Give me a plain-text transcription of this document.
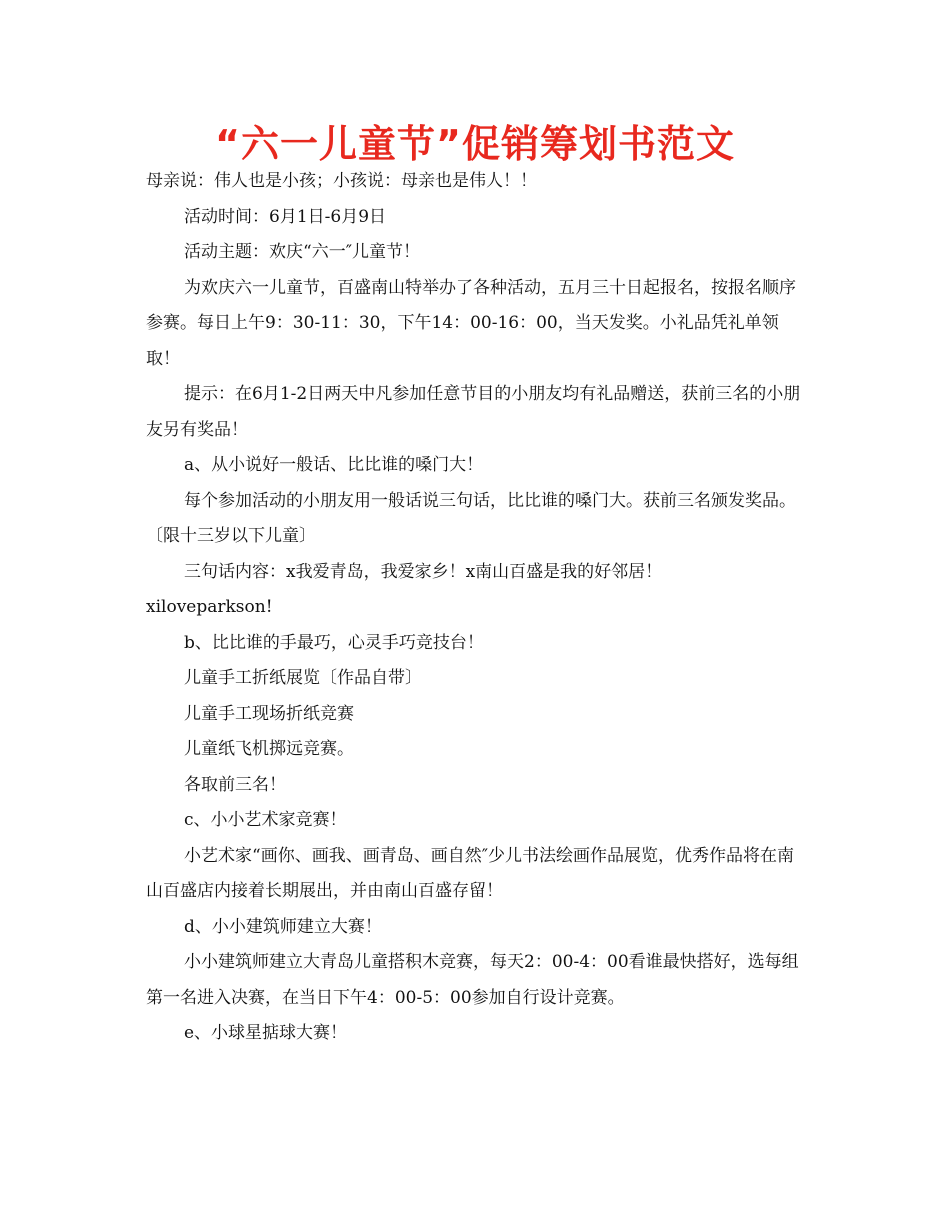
“六一儿童节”促销筹划书范文

母亲说：伟人也是小孩；小孩说：母亲也是伟人！！

活动时间：6月1日-6月9日

活动主题：欢庆“六一″儿童节！

为欢庆六一儿童节，百盛南山特举办了各种活动，五月三十日起报名，按报名顺序参赛。每日上午9：30-11：30，下午14：00-16：00，当天发奖。小礼品凭礼单领取！

提示：在6月1-2日两天中凡参加任意节目的小朋友均有礼品赠送，获前三名的小朋友另有奖品！

a、从小说好一般话、比比谁的嗓门大！

每个参加活动的小朋友用一般话说三句话，比比谁的嗓门大。获前三名颁发奖品。〔限十三岁以下儿童〕

三句话内容：x我爱青岛，我爱家乡！x南山百盛是我的好邻居！

xiloveparkson!

b、比比谁的手最巧，心灵手巧竞技台！

儿童手工折纸展览〔作品自带〕

儿童手工现场折纸竞赛

儿童纸飞机掷远竞赛。

各取前三名！

c、小小艺术家竞赛！

小艺术家“画你、画我、画青岛、画自然″少儿书法绘画作品展览，优秀作品将在南山百盛店内接着长期展出，并由南山百盛存留！

d、小小建筑师建立大赛！

小小建筑师建立大青岛儿童搭积木竞赛，每天2：00-4：00看谁最快搭好，选每组第一名进入决赛，在当日下午4：00-5：00参加自行设计竞赛。

e、小球星掂球大赛！
